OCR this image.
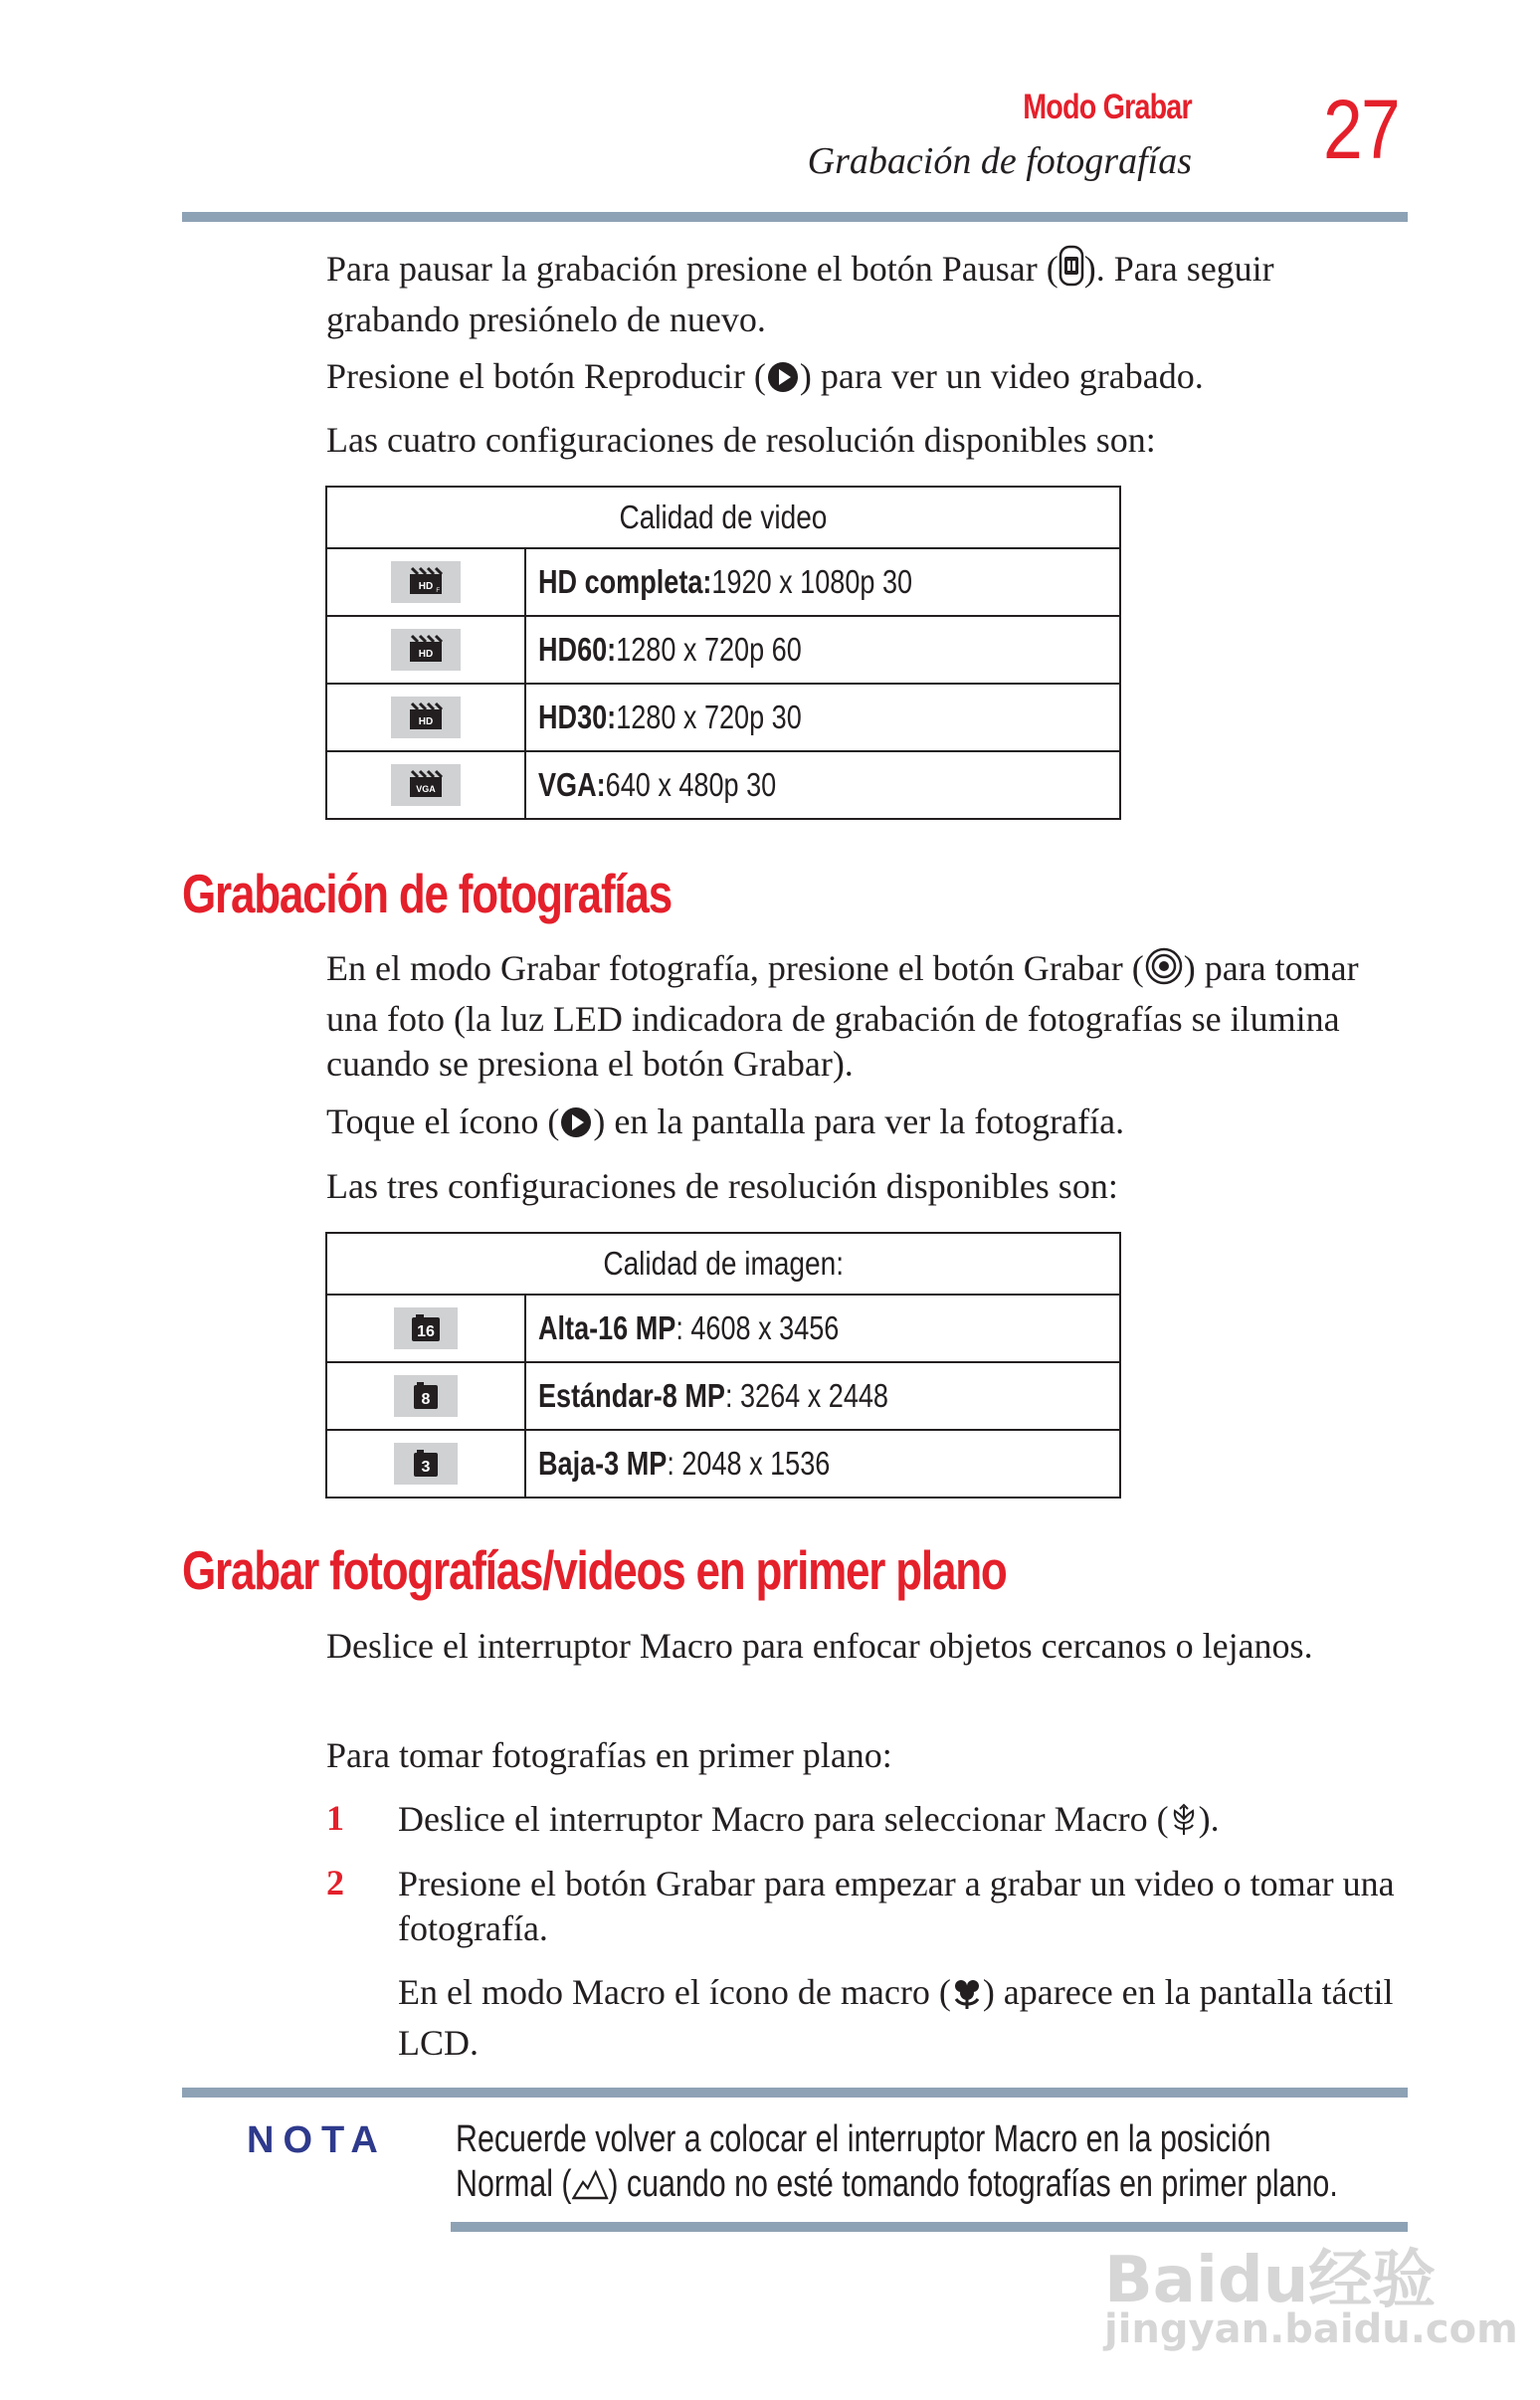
Modo Grabar
Grabación de fotografías 27
Para pausar la grabación presione el botón Pausar ( ). Para seguir grabando presiónelo de nuevo.
Presione el botón Reproducir ( ) para ver un video grabado.
Las cuatro configuraciones de resolución disponibles son:
Calidad de video	

HD F	HD completa:1920 x 1080p 30

HD	HD60:1280 x 720p 60

HD	HD30:1280 x 720p 30

VGA	VGA:640 x 480p 30
Grabación de fotografías
En el modo Grabar fotografía, presione el botón Grabar ( ) para tomar una foto (la luz LED indicadora de grabación de fotografías se ilumina cuando se presiona el botón Grabar).
Toque el ícono ( ) en la pantalla para ver la fotografía.
Las tres configuraciones de resolución disponibles son:
Calidad de imagen:	

16	Alta-16 MP: 4608 x 3456

8	Estándar-8 MP: 3264 x 2448

3	Baja-3 MP: 2048 x 1536
Grabar fotografías/videos en primer plano
Deslice el interruptor Macro para enfocar objetos cercanos o lejanos.
Para tomar fotografías en primer plano:
1 Deslice el interruptor Macro para seleccionar Macro ( ).
2 Presione el botón Grabar para empezar a grabar un video o tomar una fotografía.
En el modo Macro el ícono de macro ( ) aparece en la pantalla táctil LCD.
NOTA Recuerde volver a colocar el interruptor Macro en la posición Normal ( ) cuando no esté tomando fotografías en primer plano.
Baidu经验
jingyan.baidu.com
